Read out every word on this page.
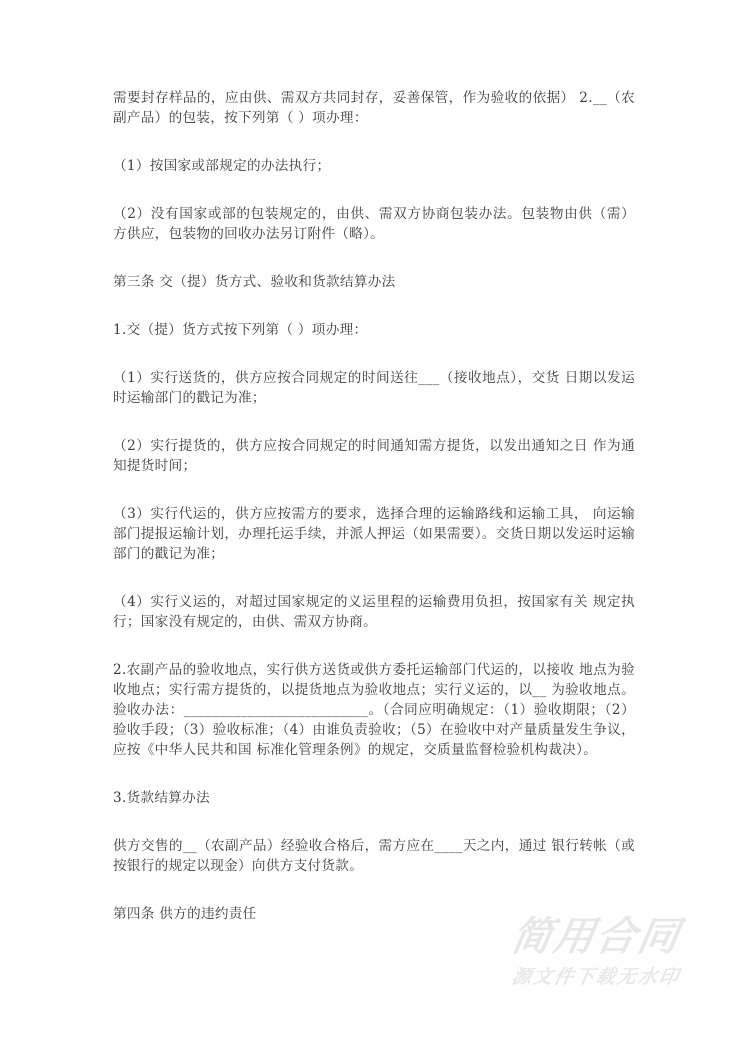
需要封存样品的，应由供、需双方共同封存，妥善保管，作为验收的依据） 2.__（农副产品）的包装，按下列第（ ）项办理：

（1）按国家或部规定的办法执行；

（2）没有国家或部的包装规定的，由供、需双方协商包装办法。包装物由供（需）方供应，包装物的回收办法另订附件（略）。

第三条 交（提）货方式、验收和货款结算办法

1.交（提）货方式按下列第（ ）项办理：

（1）实行送货的，供方应按合同规定的时间送往___（接收地点），交货 日期以发运时运输部门的戳记为准；

（2）实行提货的，供方应按合同规定的时间通知需方提货，以发出通知之日 作为通知提货时间；

（3）实行代运的，供方应按需方的要求，选择合理的运输路线和运输工具， 向运输部门提报运输计划，办理托运手续，并派人押运（如果需要）。交货日期以发运时运输部门的戳记为准；

（4）实行义运的，对超过国家规定的义运里程的运输费用负担，按国家有关 规定执行；国家没有规定的，由供、需双方协商。

2.农副产品的验收地点，实行供方送货或供方委托运输部门代运的，以接收 地点为验收地点；实行需方提货的，以提货地点为验收地点；实行义运的，以__ 为验收地点。验收办法：__________________________。（合同应明确规定：（1）验收期限；（2）验收手段；（3）验收标准；（4）由谁负责验收；（5）在验收中对产量质量发生争议，应按《中华人民共和国 标准化管理条例》的规定，交质量监督检验机构裁决）。

3.货款结算办法

供方交售的__（农副产品）经验收合格后，需方应在____天之内，通过 银行转帐（或按银行的规定以现金）向供方支付货款。

第四条 供方的违约责任	简用合同
源文件下载无水印
